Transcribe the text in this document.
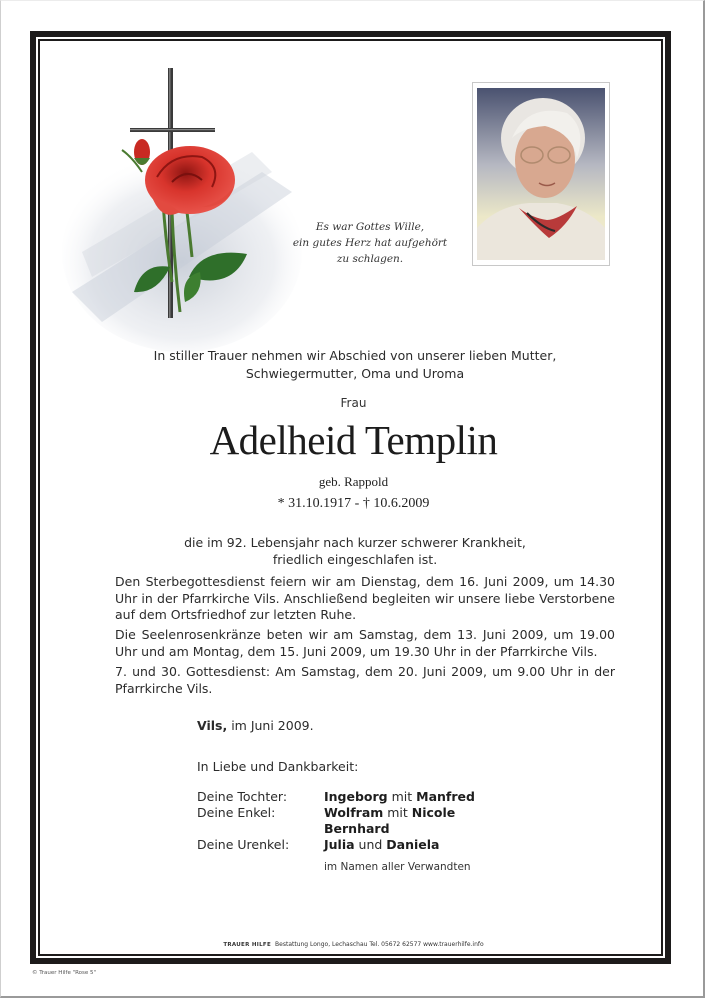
Es war Gottes Wille,
ein gutes Herz hat aufgehört
zu schlagen.
In stiller Trauer nehmen wir Abschied von unserer lieben Mutter,
Schwiegermutter, Oma und Uroma
Frau
Adelheid Templin
geb. Rappold
* 31.10.1917 - † 10.6.2009
die im 92. Lebensjahr nach kurzer schwerer Krankheit,
friedlich eingeschlafen ist.
Den Sterbegottesdienst feiern wir am Dienstag, dem 16. Juni 2009, um 14.30 Uhr in der Pfarrkirche Vils. Anschließend begleiten wir unsere liebe Verstorbene auf dem Ortsfriedhof zur letzten Ruhe.
Die Seelenrosenkränze beten wir am Samstag, dem 13. Juni 2009, um 19.00 Uhr und am Montag, dem 15. Juni 2009, um 19.30 Uhr in der Pfarrkirche Vils.
7. und 30. Gottesdienst: Am Samstag, dem 20. Juni 2009, um 9.00 Uhr in der Pfarrkirche Vils.
Vils, im Juni 2009.
In Liebe und Dankbarkeit:
Deine Tochter:	Ingeborg mit Manfred
Deine Enkel:	Wolfram mit Nicole
Bernhard
Deine Urenkel:	Julia und Daniela
im Namen aller Verwandten
TRAUER HILFE Bestattung Longo, Lechaschau Tel. 05672 62577 www.trauerhilfe.info
© Trauer Hilfe "Rose 5"
